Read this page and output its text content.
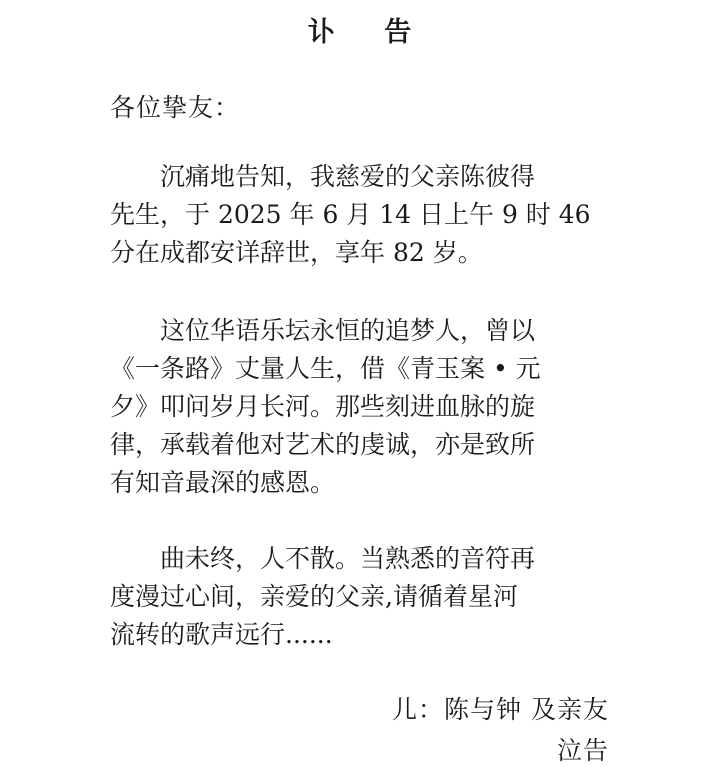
讣 告
各位挚友：
　　沉痛地告知，我慈爱的父亲陈彼得
先生，于 2025 年 6 月 14 日上午 9 时 46
分在成都安详辞世，享年 82 岁。
　　这位华语乐坛永恒的追梦人，曾以
《一条路》丈量人生，借《青玉案 • 元
夕》叩问岁月长河。那些刻进血脉的旋
律，承载着他对艺术的虔诚，亦是致所
有知音最深的感恩。
　　曲未终，人不散。当熟悉的音符再
度漫过心间，亲爱的父亲,请循着星河
流转的歌声远行......
儿：陈与钟 及亲友
泣告
